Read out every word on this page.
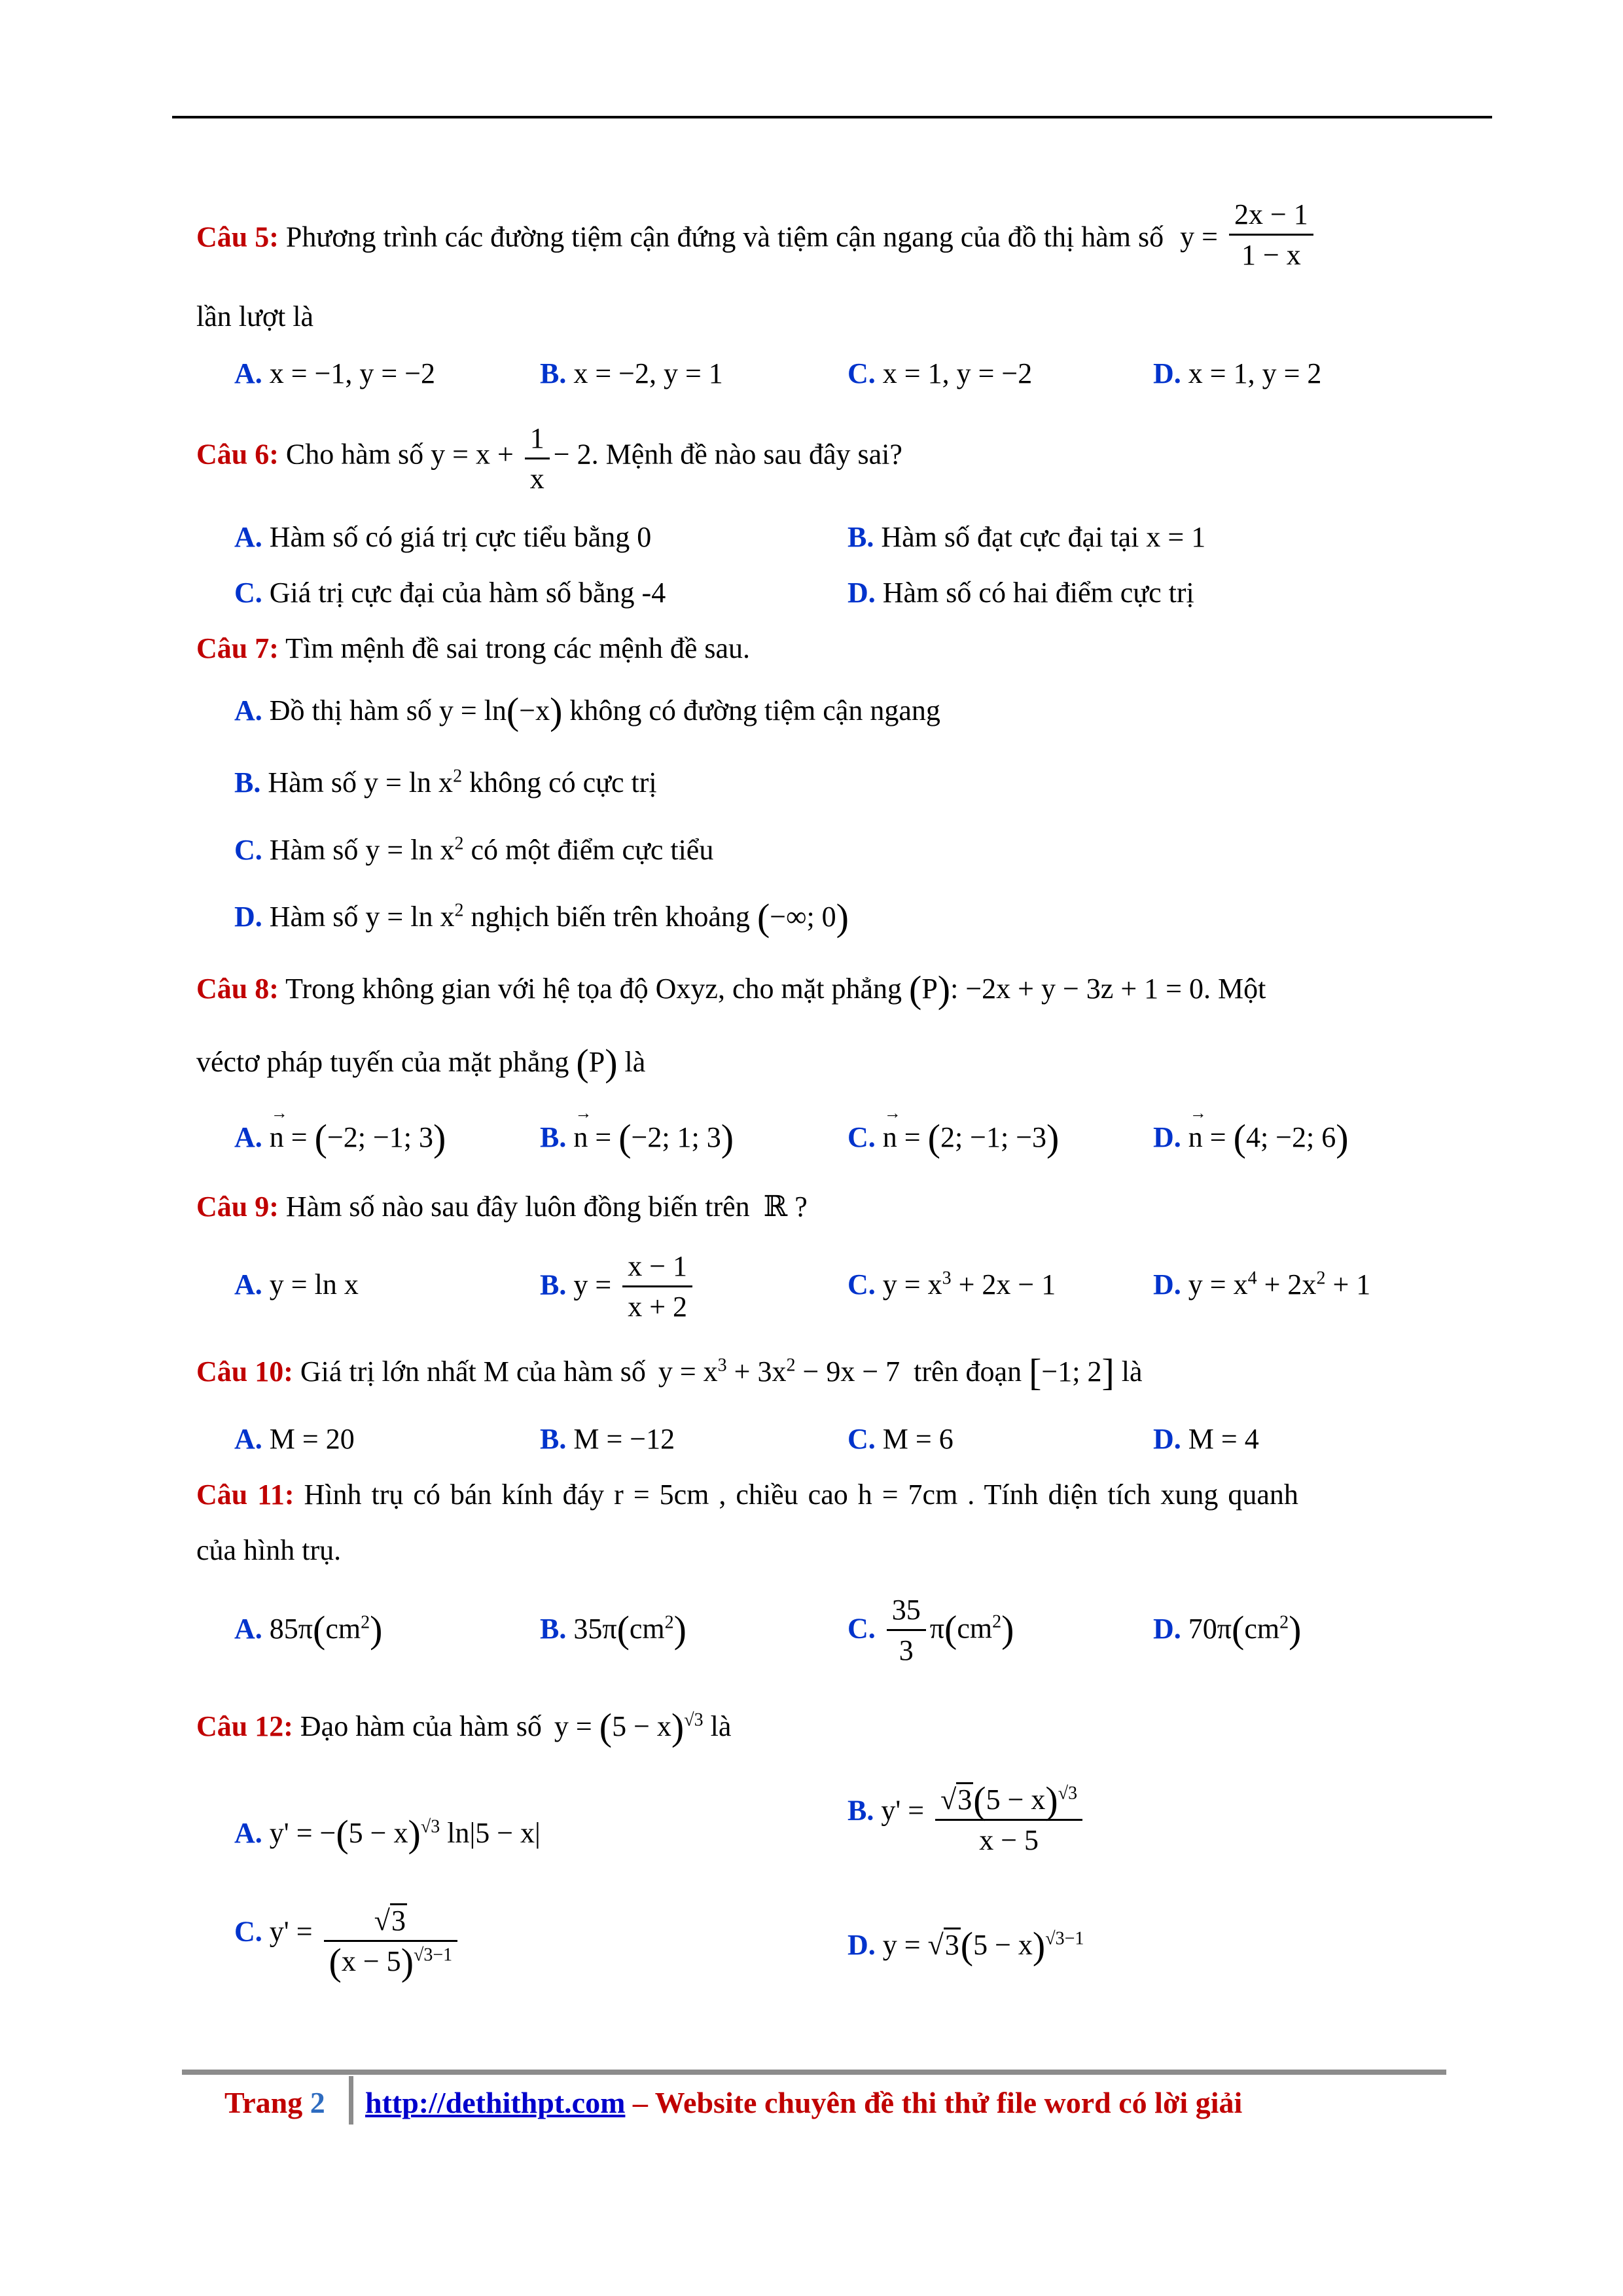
Câu 5: Phương trình các đường tiệm cận đứng và tiệm cận ngang của đồ thị hàm số $y = \frac{2x - 1}{1 - x}$
lần lượt là
A. x = −1, y = −2	B. x = −2, y = 1	C. x = 1, y = −2	D. x = 1, y = 2
Câu 6: Cho hàm số $y = x + \frac{1}{x} - 2$. Mệnh đề nào sau đây sai?
A. Hàm số có giá trị cực tiểu bằng 0	B. Hàm số đạt cực đại tại x = 1
C. Giá trị cực đại của hàm số bằng -4	D. Hàm số có hai điểm cực trị
Câu 7: Tìm mệnh đề sai trong các mệnh đề sau.
A. Đồ thị hàm số y = ln(−x) không có đường tiệm cận ngang
B. Hàm số $y = \ln x^2$ không có cực trị
C. Hàm số $y = \ln x^2$ có một điểm cực tiểu
D. Hàm số $y = \ln x^2$ nghịch biến trên khoảng (−∞; 0)
Câu 8: Trong không gian với hệ tọa độ Oxyz, cho mặt phẳng (P): −2x + y − 3z + 1 = 0. Một
véctơ pháp tuyến của mặt phẳng (P) là
A. → n = (−2; −1; 3)	B. → n = (−2; 1; 3)	C. → n = (2; −1; −3)	D. → n = (4; −2; 6)
Câu 9: Hàm số nào sau đây luôn đồng biến trên ℝ ?
A. y = ln x	B. $y = \frac{x - 1}{x + 2}$	C. $y = x^3 + 2x - 1$	D. $y = x^4 + 2x^2 + 1$
Câu 10: Giá trị lớn nhất M của hàm số $y = x^3 + 3x^2 - 9x - 7$ trên đoạn [−1; 2] là
A. M = 20	B. M = −12	C. M = 6	D. M = 4
Câu 11: Hình trụ có bán kính đáy r = 5cm , chiều cao h = 7cm . Tính diện tích xung quanh
của hình trụ.
A. $85\pi(cm^2)$	B. $35\pi(cm^2)$	C. $\frac{35}{3} \pi(cm^2)$	D. $70\pi(cm^2)$
Câu 12: Đạo hàm của hàm số $y = (5 - x)^{√3}$ là
A. $y' = -(5 - x)^{√3}$ ln|5 − x|
B. $y' = \frac{√3(5 - x)^{√3}}{x - 5}$
C. $y' = \frac{√3}{(x - 5)^{√3-1}}$	D. $y = √3(5 - x)^{√3-1}$
Trang 2 http://dethithpt.com – Website chuyên đề thi thử file word có lời giải
